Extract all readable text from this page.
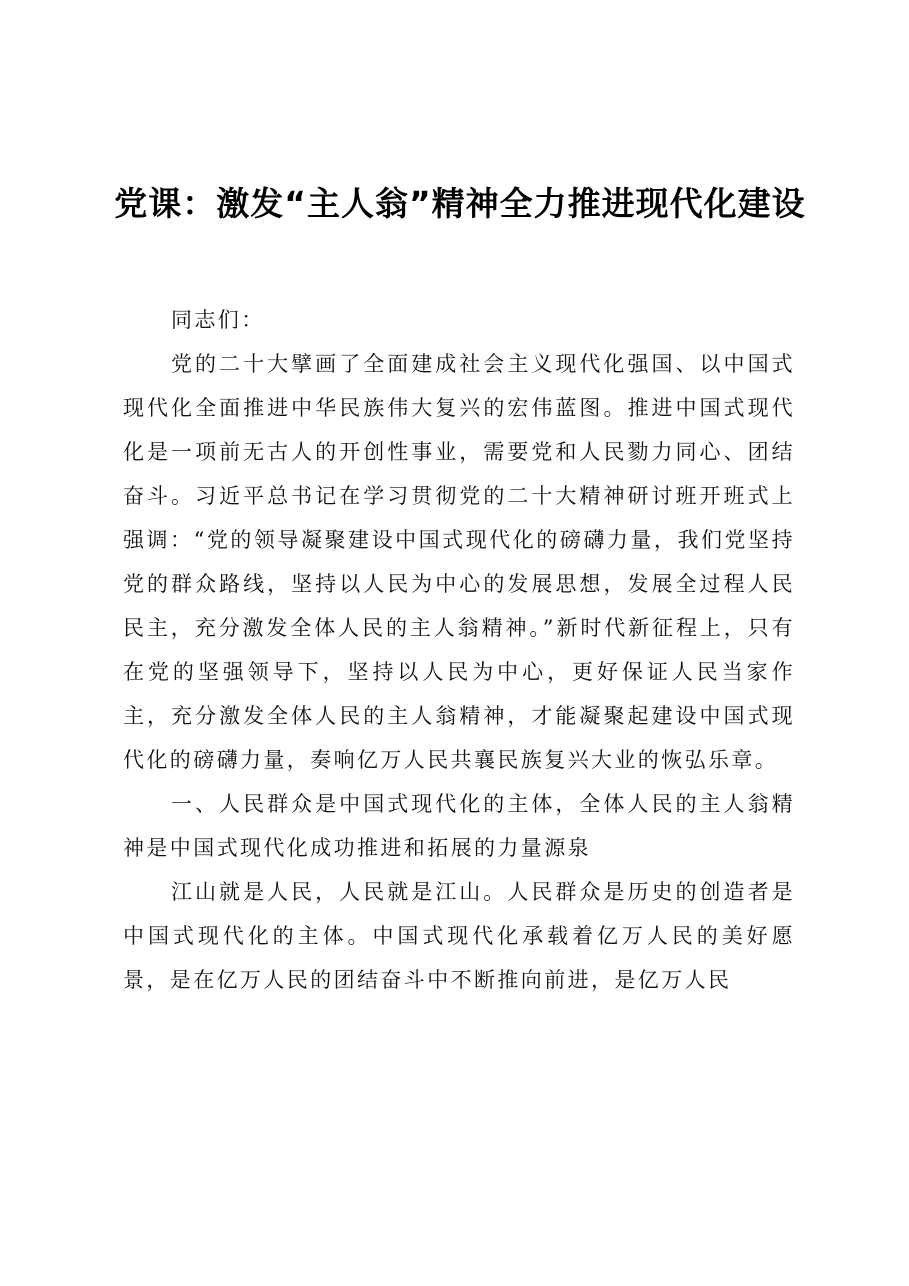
党课：激发“主人翁”精神全力推进现代化建设

同志们：

党的二十大擘画了全面建成社会主义现代化强国、以中国式现代化全面推进中华民族伟大复兴的宏伟蓝图。推进中国式现代化是一项前无古人的开创性事业，需要党和人民勠力同心、团结奋斗。习近平总书记在学习贯彻党的二十大精神研讨班开班式上强调：“党的领导凝聚建设中国式现代化的磅礴力量，我们党坚持党的群众路线，坚持以人民为中心的发展思想，发展全过程人民民主，充分激发全体人民的主人翁精神。”新时代新征程上，只有在党的坚强领导下，坚持以人民为中心，更好保证人民当家作主，充分激发全体人民的主人翁精神，才能凝聚起建设中国式现代化的磅礴力量，奏响亿万人民共襄民族复兴大业的恢弘乐章。

一、人民群众是中国式现代化的主体，全体人民的主人翁精神是中国式现代化成功推进和拓展的力量源泉

江山就是人民，人民就是江山。人民群众是历史的创造者是中国式现代化的主体。中国式现代化承载着亿万人民的美好愿景，是在亿万人民的团结奋斗中不断推向前进，是亿万人民
